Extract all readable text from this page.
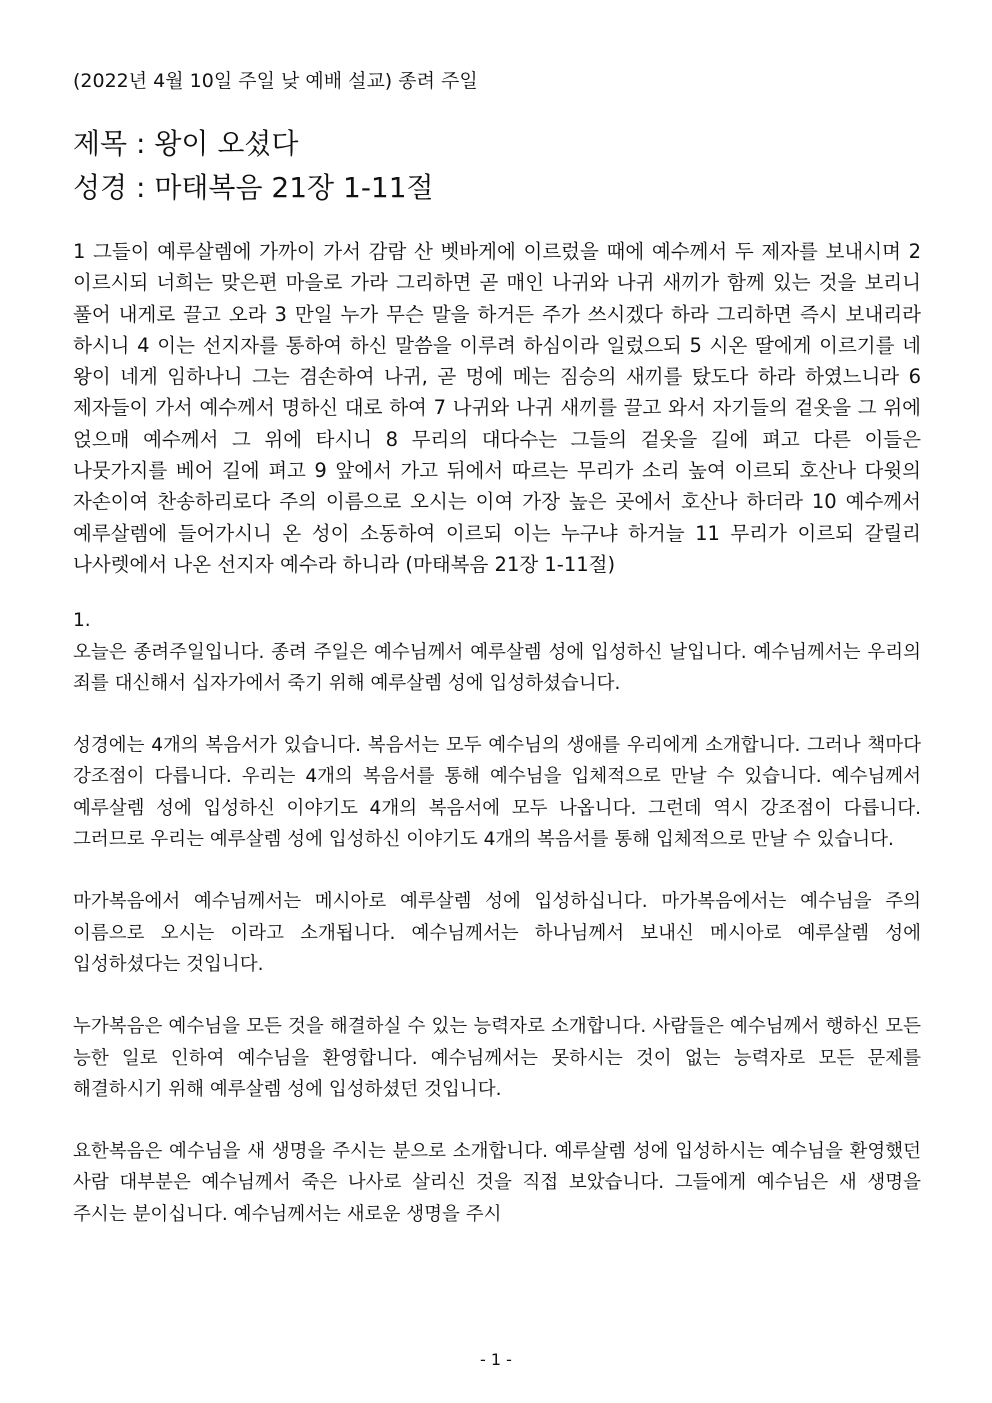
(2022년 4월 10일 주일 낮 예배 설교) 종려 주일
제목 : 왕이 오셨다
성경 : 마태복음 21장 1-11절
1 그들이 예루살렘에 가까이 가서 감람 산 벳바게에 이르렀을 때에 예수께서 두 제자를 보내시며 2 이르시되 너희는 맞은편 마을로 가라 그리하면 곧 매인 나귀와 나귀 새끼가 함께 있는 것을 보리니 풀어 내게로 끌고 오라 3 만일 누가 무슨 말을 하거든 주가 쓰시겠다 하라 그리하면 즉시 보내리라 하시니 4 이는 선지자를 통하여 하신 말씀을 이루려 하심이라 일렀으되 5 시온 딸에게 이르기를 네 왕이 네게 임하나니 그는 겸손하여 나귀, 곧 멍에 메는 짐승의 새끼를 탔도다 하라 하였느니라 6 제자들이 가서 예수께서 명하신 대로 하여 7 나귀와 나귀 새끼를 끌고 와서 자기들의 겉옷을 그 위에 얹으매 예수께서 그 위에 타시니 8 무리의 대다수는 그들의 겉옷을 길에 펴고 다른 이들은 나뭇가지를 베어 길에 펴고 9 앞에서 가고 뒤에서 따르는 무리가 소리 높여 이르되 호산나 다윗의 자손이여 찬송하리로다 주의 이름으로 오시는 이여 가장 높은 곳에서 호산나 하더라 10 예수께서 예루살렘에 들어가시니 온 성이 소동하여 이르되 이는 누구냐 하거늘 11 무리가 이르되 갈릴리 나사렛에서 나온 선지자 예수라 하니라 (마태복음 21장 1-11절)
1.

오늘은 종려주일입니다. 종려 주일은 예수님께서 예루살렘 성에 입성하신 날입니다. 예수님께서는 우리의 죄를 대신해서 십자가에서 죽기 위해 예루살렘 성에 입성하셨습니다.

성경에는 4개의 복음서가 있습니다. 복음서는 모두 예수님의 생애를 우리에게 소개합니다. 그러나 책마다 강조점이 다릅니다. 우리는 4개의 복음서를 통해 예수님을 입체적으로 만날 수 있습니다. 예수님께서 예루살렘 성에 입성하신 이야기도 4개의 복음서에 모두 나옵니다. 그런데 역시 강조점이 다릅니다. 그러므로 우리는 예루살렘 성에 입성하신 이야기도 4개의 복음서를 통해 입체적으로 만날 수 있습니다.

마가복음에서 예수님께서는 메시아로 예루살렘 성에 입성하십니다. 마가복음에서는 예수님을 주의 이름으로 오시는 이라고 소개됩니다. 예수님께서는 하나님께서 보내신 메시아로 예루살렘 성에 입성하셨다는 것입니다.

누가복음은 예수님을 모든 것을 해결하실 수 있는 능력자로 소개합니다. 사람들은 예수님께서 행하신 모든 능한 일로 인하여 예수님을 환영합니다. 예수님께서는 못하시는 것이 없는 능력자로 모든 문제를 해결하시기 위해 예루살렘 성에 입성하셨던 것입니다.

요한복음은 예수님을 새 생명을 주시는 분으로 소개합니다. 예루살렘 성에 입성하시는 예수님을 환영했던 사람 대부분은 예수님께서 죽은 나사로 살리신 것을 직접 보았습니다. 그들에게 예수님은 새 생명을 주시는 분이십니다. 예수님께서는 새로운 생명을 주시

- 1 -
